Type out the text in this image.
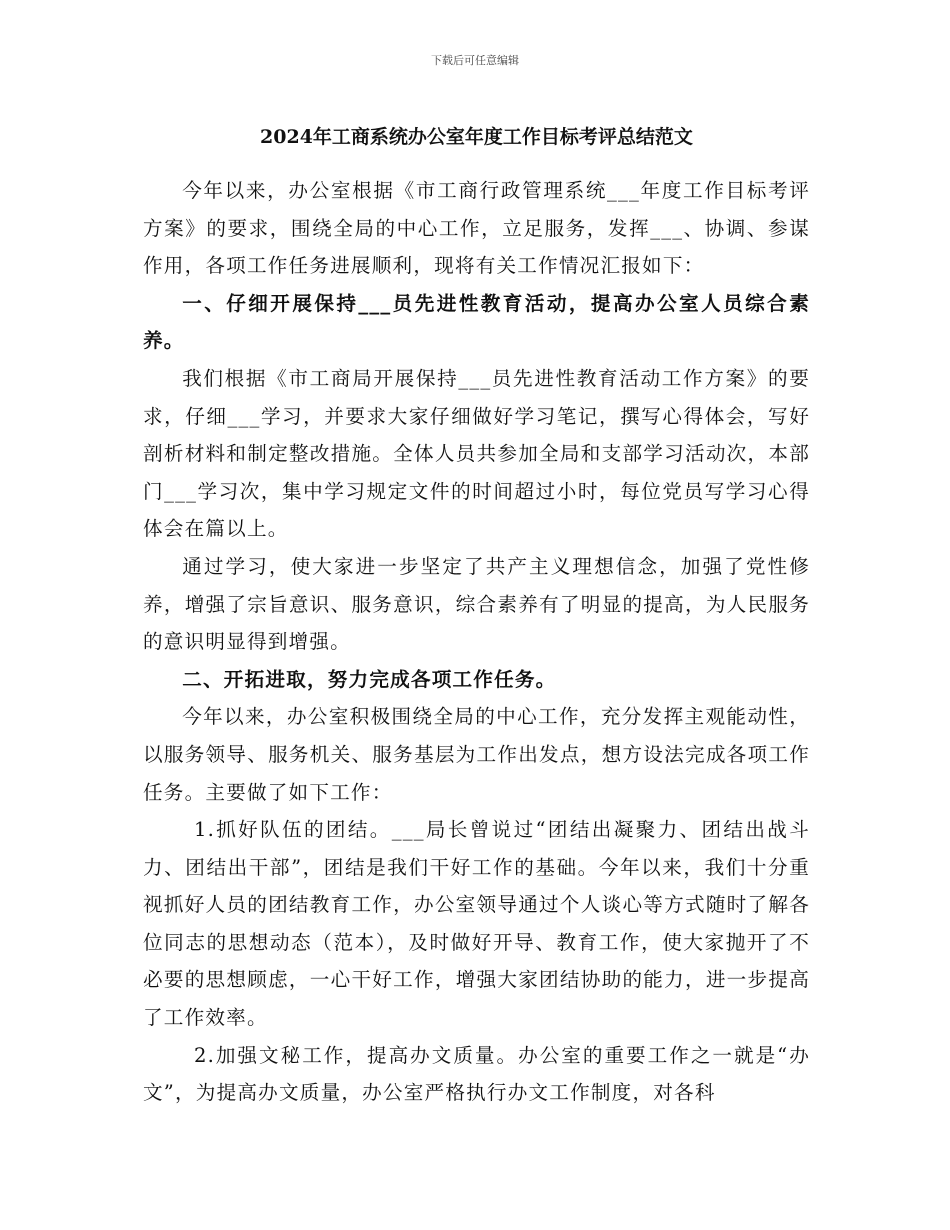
下载后可任意编辑
2024年工商系统办公室年度工作目标考评总结范文

今年以来，办公室根据《市工商行政管理系统___年度工作目标考评方案》的要求，围绕全局的中心工作，立足服务，发挥___、协调、参谋作用，各项工作任务进展顺利，现将有关工作情况汇报如下：

一、仔细开展保持___员先进性教育活动，提高办公室人员综合素养。

我们根据《市工商局开展保持___员先进性教育活动工作方案》的要求，仔细___学习，并要求大家仔细做好学习笔记，撰写心得体会，写好剖析材料和制定整改措施。全体人员共参加全局和支部学习活动次，本部门___学习次，集中学习规定文件的时间超过小时，每位党员写学习心得体会在篇以上。

通过学习，使大家进一步坚定了共产主义理想信念，加强了党性修养，增强了宗旨意识、服务意识，综合素养有了明显的提高，为人民服务的意识明显得到增强。

二、开拓进取，努力完成各项工作任务。

今年以来，办公室积极围绕全局的中心工作，充分发挥主观能动性，以服务领导、服务机关、服务基层为工作出发点，想方设法完成各项工作任务。主要做了如下工作：

1.抓好队伍的团结。___局长曾说过“团结出凝聚力、团结出战斗力、团结出干部”，团结是我们干好工作的基础。今年以来，我们十分重视抓好人员的团结教育工作，办公室领导通过个人谈心等方式随时了解各位同志的思想动态（范本），及时做好开导、教育工作，使大家抛开了不必要的思想顾虑，一心干好工作，增强大家团结协助的能力，进一步提高了工作效率。

2.加强文秘工作，提高办文质量。办公室的重要工作之一就是“办文”，为提高办文质量，办公室严格执行办文工作制度，对各科
